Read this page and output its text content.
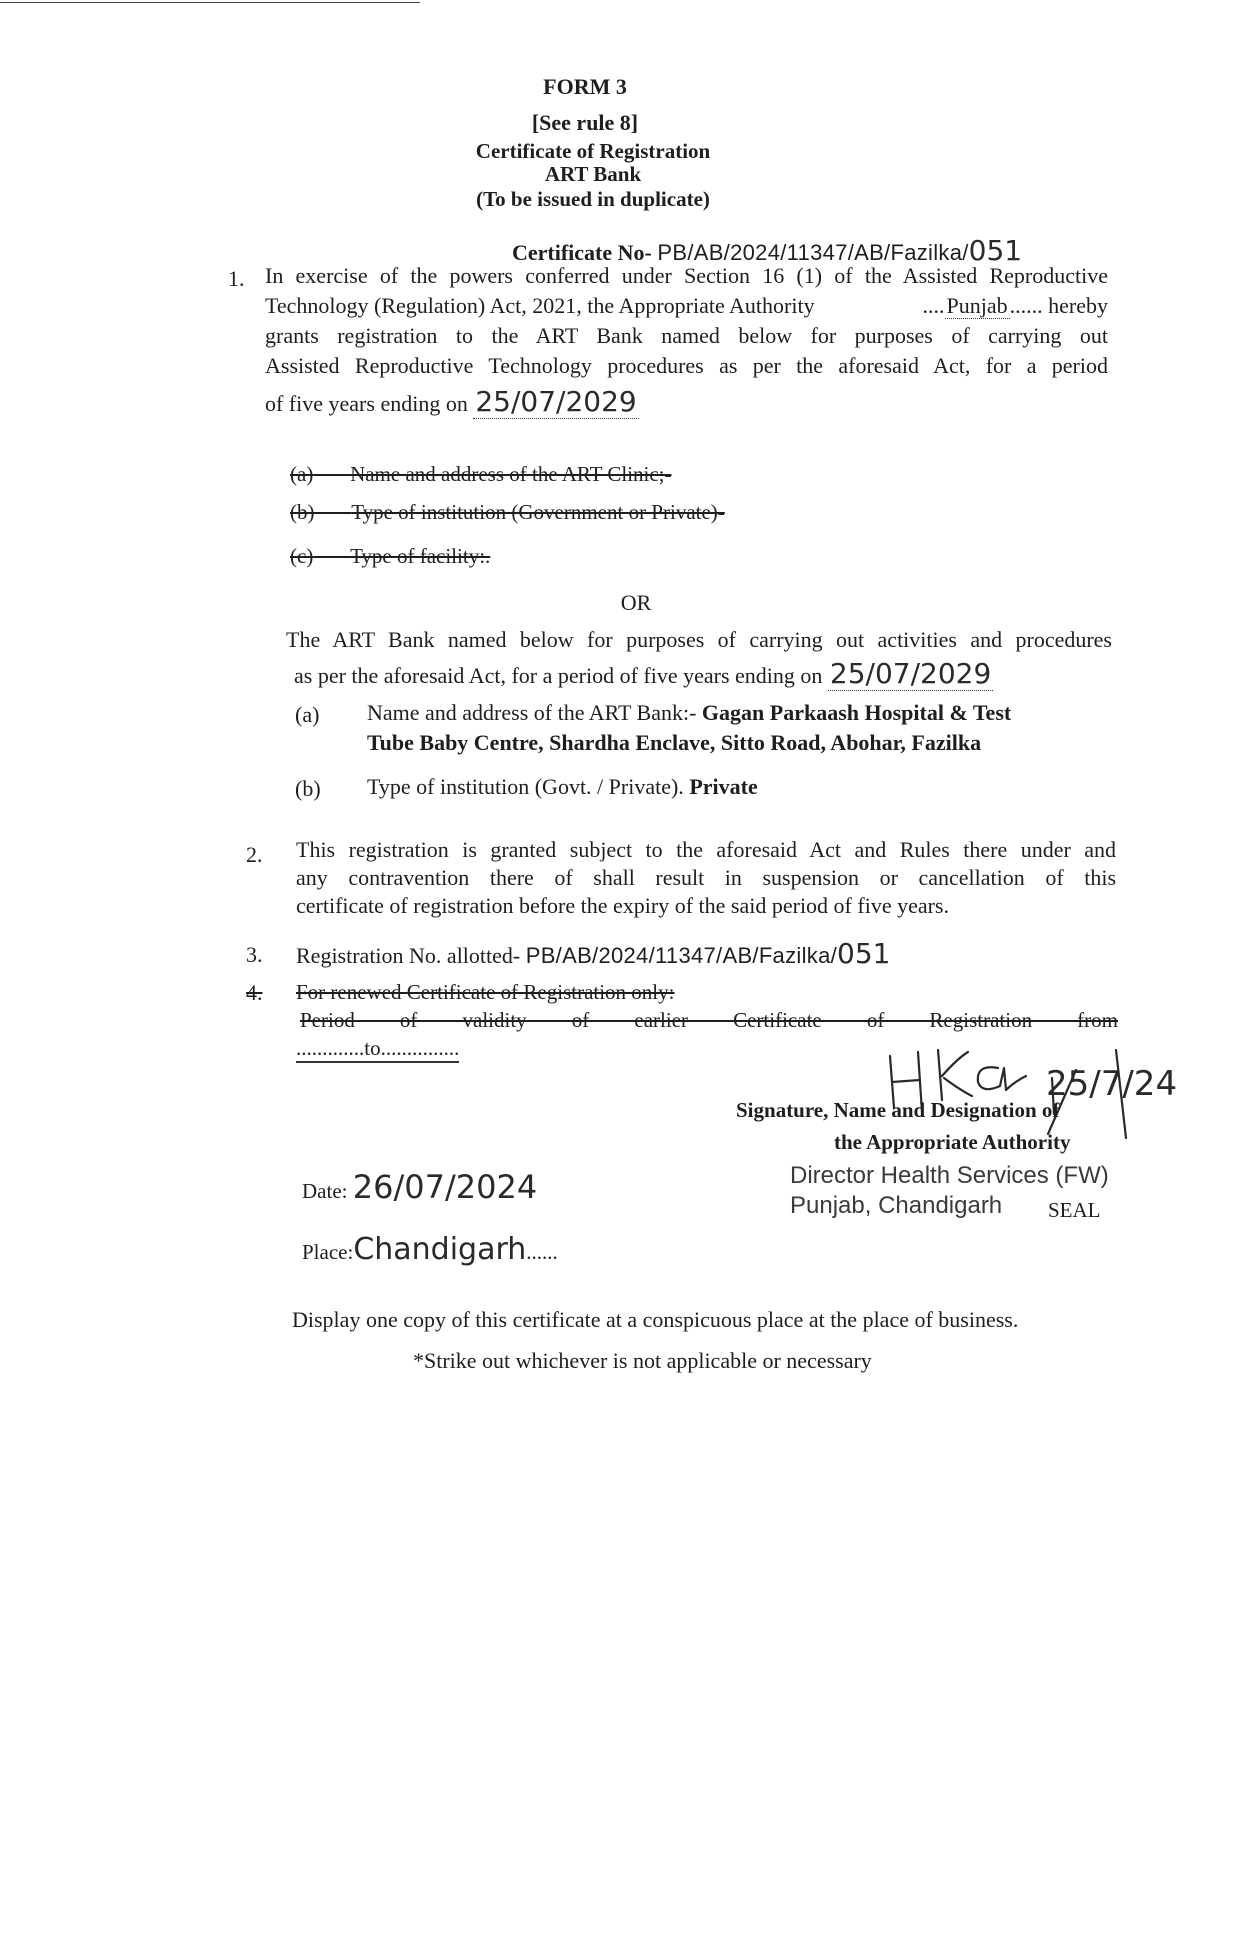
FORM 3
[See rule 8]
Certificate of Registration
ART Bank
(To be issued in duplicate)
Certificate No- PB/AB/2024/11347/AB/Fazilka/051
1. In exercise of the powers conferred under Section 16 (1) of the Assisted Reproductive
Technology (Regulation) Act, 2021, the Appropriate Authority	....Punjab...... hereby
grants registration to the ART Bank named below for purposes of carrying out
Assisted Reproductive Technology procedures as per the aforesaid Act, for a period
of five years ending on 25/07/2029
(a) Name and address of the ART Clinic;-
(b) Type of institution (Government or Private)-
(c) Type of facility:.
OR
The ART Bank named below for purposes of carrying out activities and procedures
as per the aforesaid Act, for a period of five years ending on 25/07/2029
(a) Name and address of the ART Bank:- Gagan Parkaash Hospital & Test
Tube Baby Centre, Shardha Enclave, Sitto Road, Abohar, Fazilka
(b) Type of institution (Govt. / Private). Private
2. This registration is granted subject to the aforesaid Act and Rules there under and
any contravention there of shall result in suspension or cancellation of this
certificate of registration before the expiry of the said period of five years.
3. Registration No. allotted- PB/AB/2024/11347/AB/Fazilka/051
4. For renewed Certificate of Registration only:
Period of validity of earlier Certificate of Registration from
.............to...............
25/7/24
Signature, Name and Designation of
the Appropriate Authority
Director Health Services (FW)
Punjab, Chandigarh SEAL
Date: 26/07/2024
Place:Chandigarh......
Display one copy of this certificate at a conspicuous place at the place of business.
*Strike out whichever is not applicable or necessary
